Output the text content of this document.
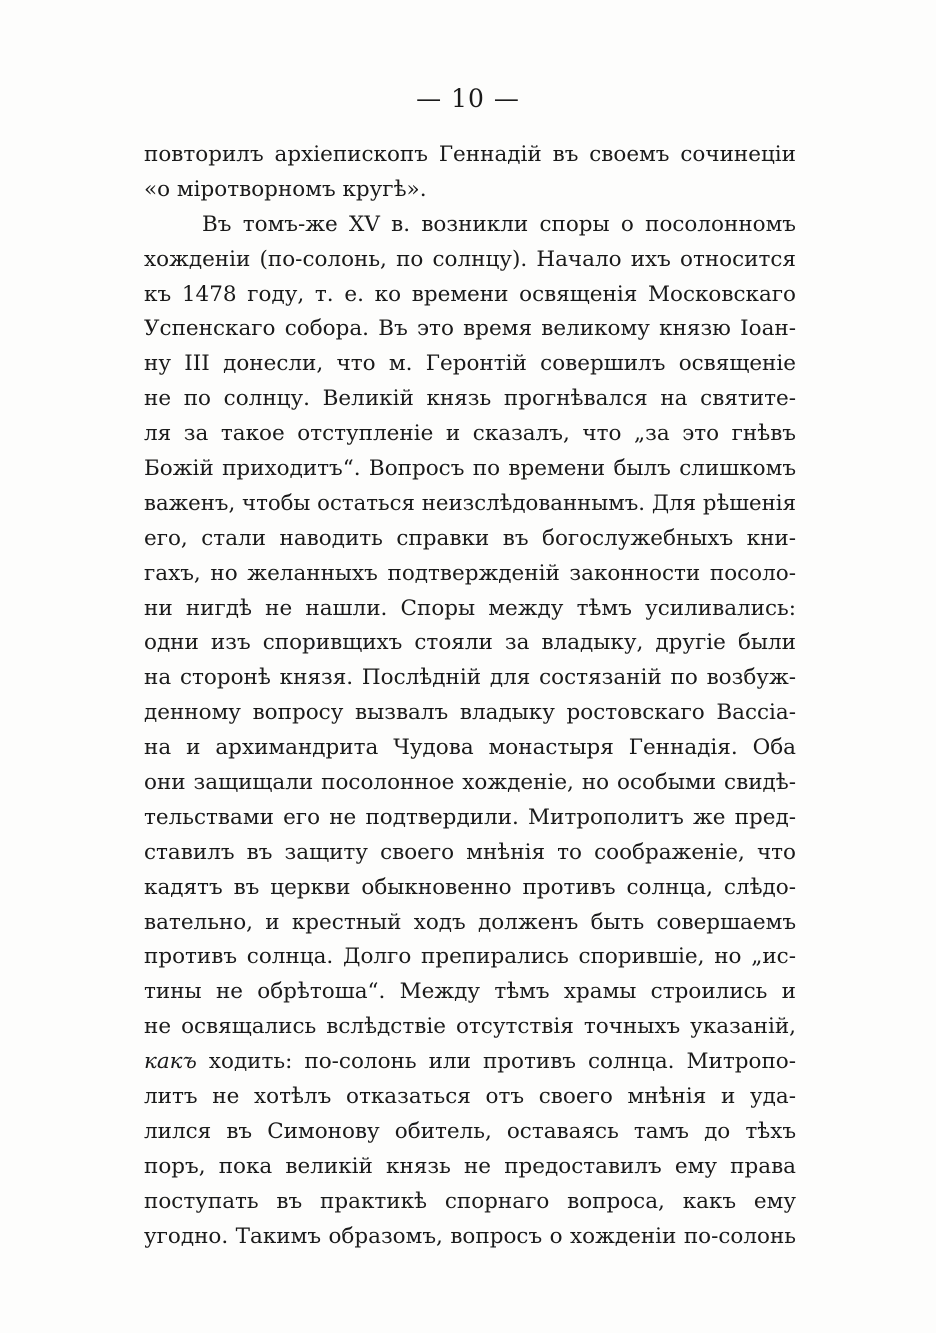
— 10 —
повторилъ архіепископъ Геннадій въ своемъ сочинеціи
«о міротворномъ кругѣ».
Въ томъ-же XV в. возникли споры о посолонномъ
хожденіи (по-солонь, по солнцу). Начало ихъ относится
къ 1478 году, т. е. ко времени освященія Московскаго
Успенскаго собора. Въ это время великому князю Іоан-
ну III донесли, что м. Геронтій совершилъ освященіе
не по солнцу. Великій князь прогнѣвался на святите-
ля за такое отступленіе и сказалъ, что „за это гнѣвъ
Божій приходитъ“. Вопросъ по времени былъ слишкомъ
важенъ, чтобы остаться неизслѣдованнымъ. Для рѣшенія
его, стали наводить справки въ богослужебныхъ кни-
гахъ, но желанныхъ подтвержденій законности посоло-
ни нигдѣ не нашли. Споры между тѣмъ усиливались:
одни изъ споривщихъ стояли за владыку, другіе были
на сторонѣ князя. Послѣдній для состязаній по возбуж-
денному вопросу вызвалъ владыку ростовскаго Вассіа-
на и архимандрита Чудова монастыря Геннадія. Оба
они защищали посолонное хожденіе, но особыми свидѣ-
тельствами его не подтвердили. Митрополитъ же пред-
ставилъ въ защиту своего мнѣнія то соображеніе, что
кадятъ въ церкви обыкновенно противъ солнца, слѣдо-
вательно, и крестный ходъ долженъ быть совершаемъ
противъ солнца. Долго препирались спорившіе, но „ис-
тины не обрѣтоша“. Между тѣмъ храмы строились и
не освящались вслѣдствіе отсутствія точныхъ указаній,
какъ ходить: по-солонь или противъ солнца. Митропо-
литъ не хотѣлъ отказаться отъ своего мнѣнія и уда-
лился въ Симонову обитель, оставаясь тамъ до тѣхъ
поръ, пока великій князь не предоставилъ ему права
поступать въ практикѣ спорнаго вопроса, какъ ему
угодно. Такимъ образомъ, вопросъ о хожденіи по-солонь
